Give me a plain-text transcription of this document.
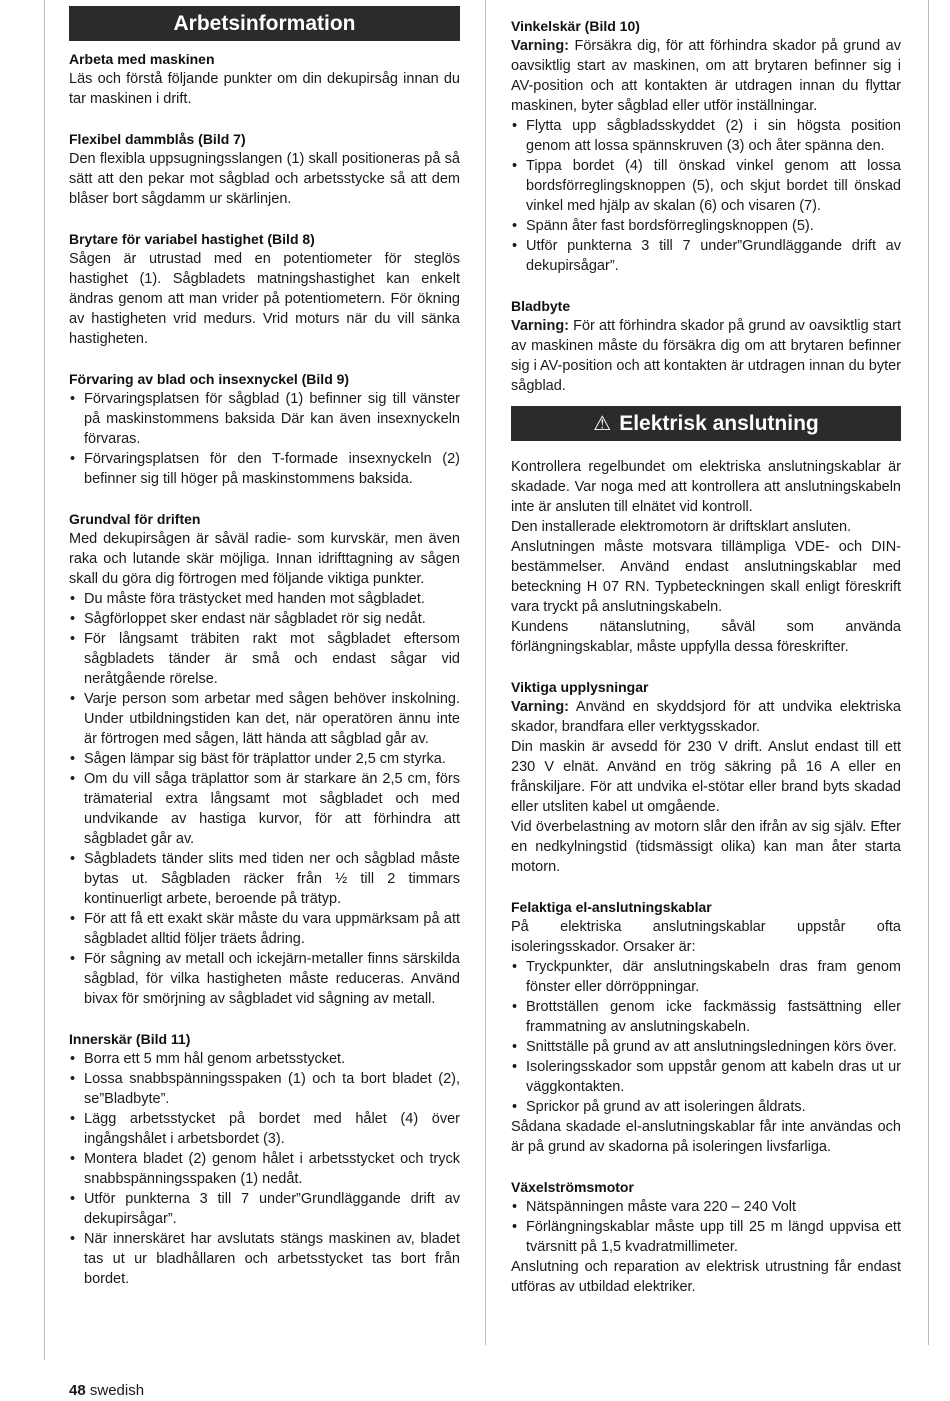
Arbetsinformation

Arbeta med maskinen

Läs och förstå följande punkter om din dekupirsåg innan du tar maskinen i drift.

Flexibel dammblås (Bild 7)

Den flexibla uppsugningsslangen (1) skall positioneras på så sätt att den pekar mot sågblad och arbetsstycke så att dem blåser bort sågdamm ur skärlinjen.

Brytare för variabel hastighet (Bild 8)

Sågen är utrustad med en potentiometer för steglös hastighet (1). Sågbladets matningshastighet kan enkelt ändras genom att man vrider på potentiometern. För ökning av hastigheten vrid medurs. Vrid moturs när du vill sänka hastigheten.

Förvaring av blad och insexnyckel (Bild 9)

• Förvaringsplatsen för sågblad (1) befinner sig till vänster på maskinstommens baksida Där kan även insexnyckeln förvaras.
• Förvaringsplatsen för den T-formade insexnyckeln (2) befinner sig till höger på maskinstommens baksida.

Grundval för driften

Med dekupirsågen är såväl radie- som kurvskär, men även raka och lutande skär möjliga. Innan idrifttagning av sågen skall du göra dig förtrogen med följande viktiga punkter.

• Du måste föra trästycket med handen mot sågbladet.
• Sågförloppet sker endast när sågbladet rör sig nedåt.
• För långsamt träbiten rakt mot sågbladet eftersom sågbladets tänder är små och endast sågar vid neråtgående rörelse.
• Varje person som arbetar med sågen behöver inskolning. Under utbildningstiden kan det, när operatören ännu inte är förtrogen med sågen, lätt hända att sågblad går av.
• Sågen lämpar sig bäst för träplattor under 2,5 cm styrka.
• Om du vill såga träplattor som är starkare än 2,5 cm, förs trämaterial extra långsamt mot sågbladet och med undvikande av hastiga kurvor, för att förhindra att sågbladet går av.
• Sågbladets tänder slits med tiden ner och sågblad måste bytas ut. Sågbladen räcker från ½ till 2 timmars kontinuerligt arbete, beroende på trätyp.
• För att få ett exakt skär måste du vara uppmärksam på att sågbladet alltid följer träets ådring.
• För sågning av metall och ickejärn-metaller finns särskilda sågblad, för vilka hastigheten måste reduceras. Använd bivax för smörjning av sågbladet vid sågning av metall.

Innerskär (Bild 11)

• Borra ett 5 mm hål genom arbetsstycket.
• Lossa snabbspänningsspaken (1) och ta bort bladet (2), se”Bladbyte”.
• Lägg arbetsstycket på bordet med hålet (4) över ingångshålet i arbetsbordet (3).
• Montera bladet (2) genom hålet i arbetsstycket och tryck snabbspänningsspaken (1) nedåt.
• Utför punkterna 3 till 7 under”Grundläggande drift av dekupirsågar”.
• När innerskäret har avslutats stängs maskinen av, bladet tas ut ur bladhållaren och arbetsstycket tas bort från bordet.

Vinkelskär (Bild 10)

Varning: Försäkra dig, för att förhindra skador på grund av oavsiktlig start av maskinen, om att brytaren befinner sig i AV-position och att kontakten är utdragen innan du flyttar maskinen, byter sågblad eller utför inställningar.

• Flytta upp sågbladsskyddet (2) i sin högsta position genom att lossa spännskruven (3) och åter spänna den.
• Tippa bordet (4) till önskad vinkel genom att lossa bordsförreglingsknoppen (5), och skjut bordet till önskad vinkel med hjälp av skalan (6) och visaren (7).
• Spänn åter fast bordsförreglingsknoppen (5).
• Utför punkterna 3 till 7 under”Grundläggande drift av dekupirsågar”.

Bladbyte

Varning: För att förhindra skador på grund av oavsiktlig start av maskinen måste du försäkra dig om att brytaren befinner sig i AV-position och att kontakten är utdragen innan du byter sågblad.

⚠ Elektrisk anslutning

Kontrollera regelbundet om elektriska anslutningskablar är skadade. Var noga med att kontrollera att anslutningskabeln inte är ansluten till elnätet vid kontroll.

Den installerade elektromotorn är driftsklart ansluten.

Anslutningen måste motsvara tillämpliga VDE- och DIN-bestämmelser. Använd endast anslutningskablar med beteckning H 07 RN. Typbeteckningen skall enligt föreskrift vara tryckt på anslutningskabeln.

Kundens nätanslutning, såväl som använda förlängningskablar, måste uppfylla dessa föreskrifter.

Viktiga upplysningar

Varning: Använd en skyddsjord för att undvika elektriska skador, brandfara eller verktygsskador.

Din maskin är avsedd för 230 V drift. Anslut endast till ett 230 V elnät. Använd en trög säkring på 16 A eller en frånskiljare. För att undvika el-stötar eller brand byts skadad eller utsliten kabel ut omgående.

Vid överbelastning av motorn slår den ifrån av sig själv. Efter en nedkylningstid (tidsmässigt olika) kan man åter starta motorn.

Felaktiga el-anslutningskablar

På elektriska anslutningskablar uppstår ofta isoleringsskador. Orsaker är:

• Tryckpunkter, där anslutningskabeln dras fram genom fönster eller dörröppningar.
• Brottställen genom icke fackmässig fastsättning eller frammatning av anslutningskabeln.
• Snittställe på grund av att anslutningsledningen körs över.
• Isoleringsskador som uppstår genom att kabeln dras ut ur väggkontakten.
• Sprickor på grund av att isoleringen åldrats.

Sådana skadade el-anslutningskablar får inte användas och är på grund av skadorna på isoleringen livsfarliga.

Växelströmsmotor

• Nätspänningen måste vara 220 – 240 Volt
• Förlängningskablar måste upp till 25 m längd uppvisa ett tvärsnitt på 1,5 kvadratmillimeter.

Anslutning och reparation av elektrisk utrustning får endast utföras av utbildad elektriker.

48 swedish
